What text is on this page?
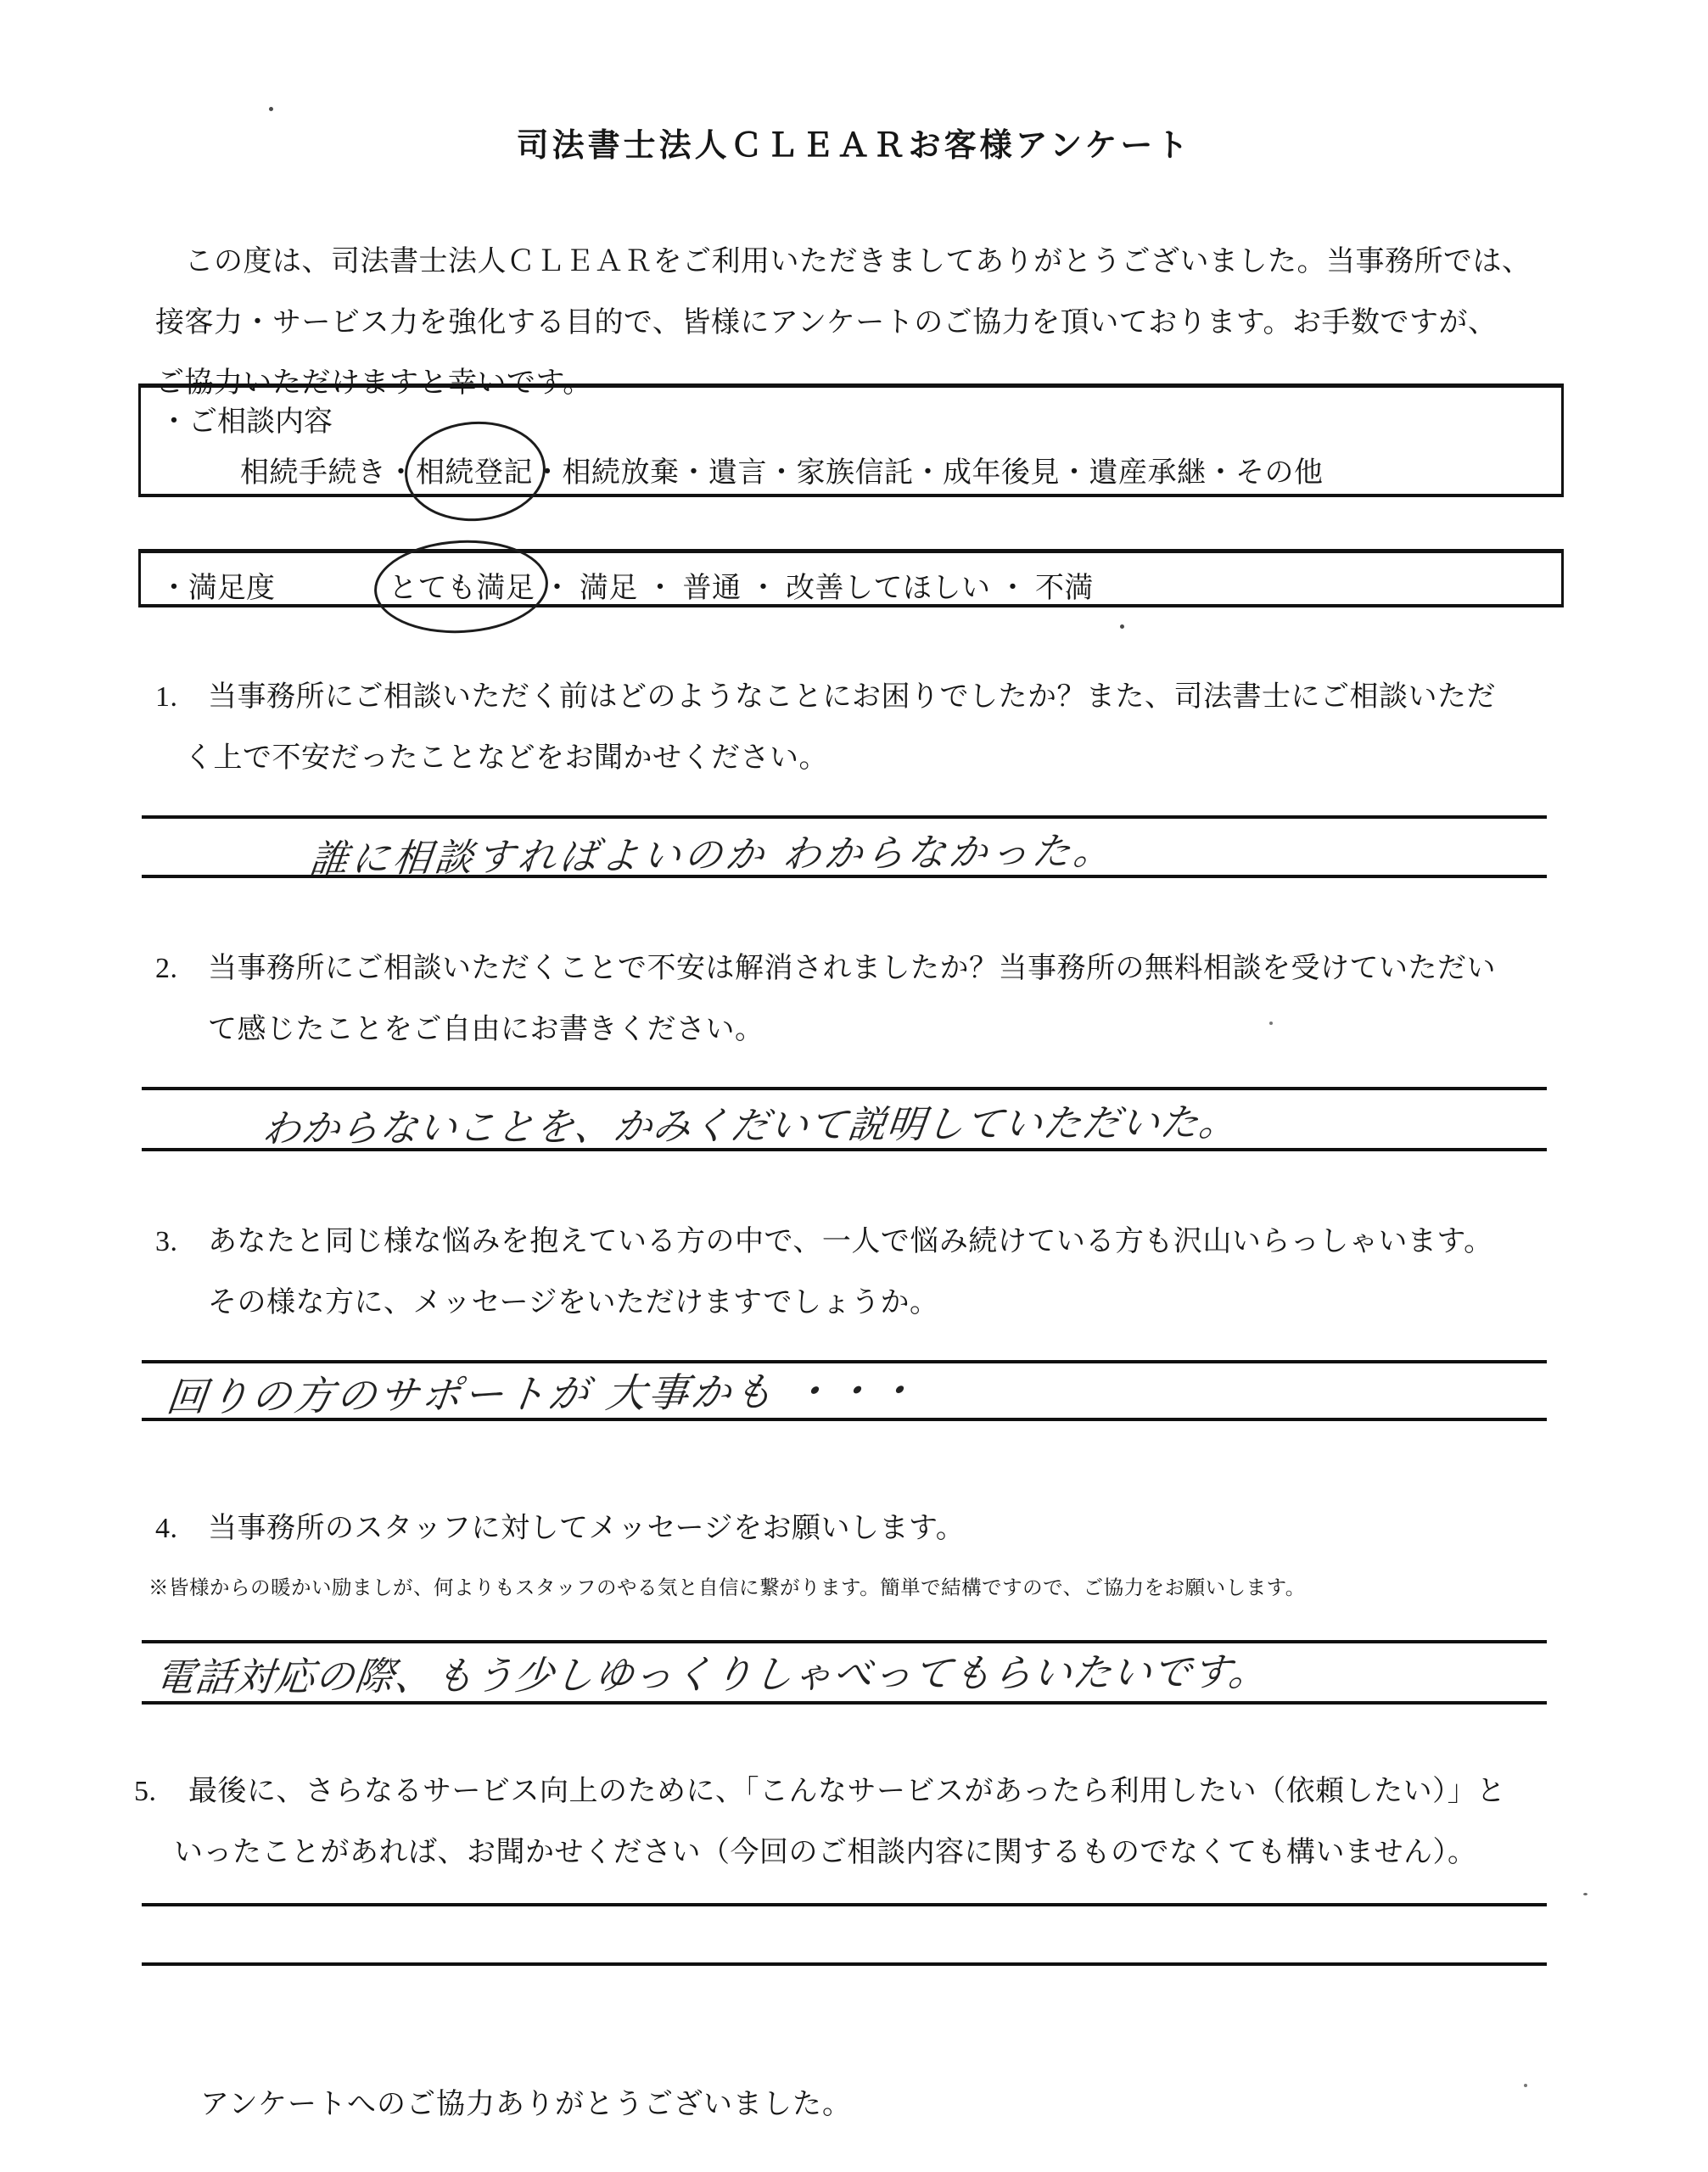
司法書士法人ＣＬＥＡＲお客様アンケート
　この度は、司法書士法人ＣＬＥＡＲをご利用いただきましてありがとうございました。当事務所では、
接客力・サービス力を強化する目的で、皆様にアンケートのご協力を頂いております。お手数ですが、
ご協力いただけますと幸いです。
・ご相談内容
相続手続き・相続登記・相続放棄・遺言・家族信託・成年後見・遺産承継・その他
・満足度	とても満足 ・ 満足 ・ 普通 ・ 改善してほしい ・ 不満
1. 当事務所にご相談いただく前はどのようなことにお困りでしたか？また、司法書士にご相談いただ
く上で不安だったことなどをお聞かせください。
誰に相談すればよいのか わからなかった。
2. 当事務所にご相談いただくことで不安は解消されましたか？当事務所の無料相談を受けていただい
て感じたことをご自由にお書きください。
わからないことを、かみくだいて説明していただいた。
3. あなたと同じ様な悩みを抱えている方の中で、一人で悩み続けている方も沢山いらっしゃいます。
その様な方に、メッセージをいただけますでしょうか。
回りの方のサポートが 大事かも ・・・
4. 当事務所のスタッフに対してメッセージをお願いします。
※皆様からの暖かい励ましが、何よりもスタッフのやる気と自信に繋がります。簡単で結構ですので、ご協力をお願いします。
電話対応の際、もう少しゆっくりしゃべってもらいたいです。
5. 最後に、さらなるサービス向上のために、「こんなサービスがあったら利用したい（依頼したい）」と
いったことがあれば、お聞かせください（今回のご相談内容に関するものでなくても構いません）。
アンケートへのご協力ありがとうございました。
